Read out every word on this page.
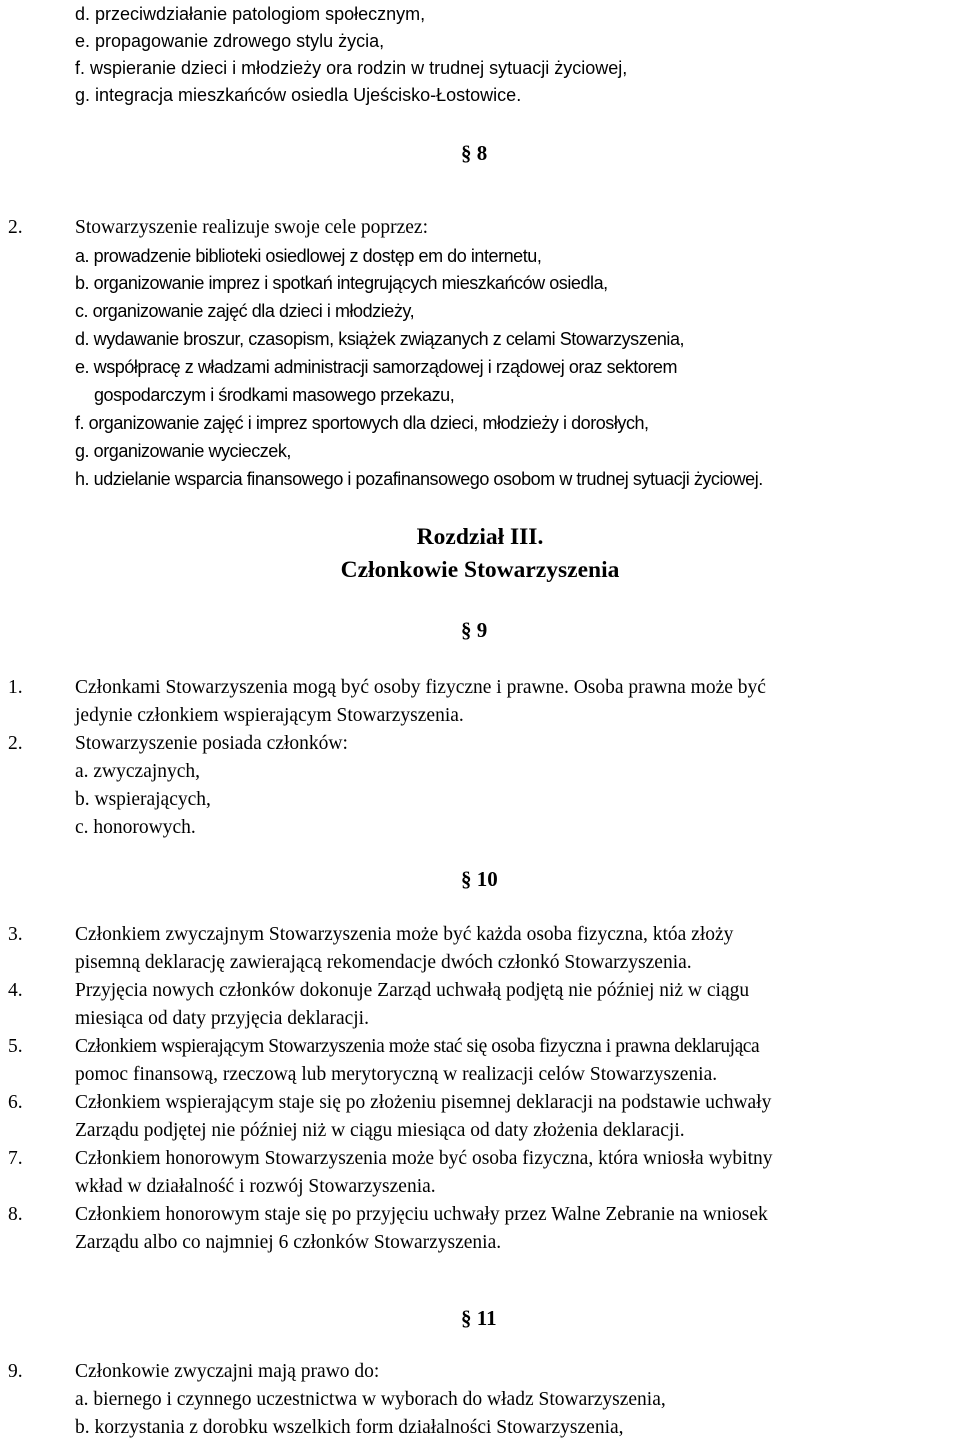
d. przeciwdziałanie patologiom społecznym,
e. propagowanie zdrowego stylu życia,
f. wspieranie dzieci i młodzieży ora rodzin w trudnej sytuacji życiowej,
g. integracja mieszkańców osiedla Ujeścisko-Łostowice.
§ 8
2.	Stowarzyszenie realizuje swoje cele poprzez:
a. prowadzenie biblioteki osiedlowej z dostęp em do internetu,
b. organizowanie imprez i spotkań integrujących mieszkańców osiedla,
c. organizowanie zajęć dla dzieci i młodzieży,
d. wydawanie broszur, czasopism, książek związanych z celami Stowarzyszenia,
e. współpracę z władzami administracji samorządowej i rządowej oraz sektorem
gospodarczym i środkami masowego przekazu,
f. organizowanie zajęć i imprez sportowych dla dzieci, młodzieży i dorosłych,
g. organizowanie wycieczek,
h. udzielanie wsparcia finansowego i pozafinansowego osobom w trudnej sytuacji życiowej.
Rozdział III.
Członkowie Stowarzyszenia
§ 9
1.	Członkami Stowarzyszenia mogą być osoby fizyczne i prawne. Osoba prawna może być
jedynie członkiem wspierającym Stowarzyszenia.
2.	Stowarzyszenie posiada członków:
a. zwyczajnych,
b. wspierających,
c. honorowych.
§ 10
3.	Członkiem zwyczajnym Stowarzyszenia może być każda osoba fizyczna, któa złoży
pisemną deklarację zawierającą rekomendacje dwóch członkó Stowarzyszenia.
4.	Przyjęcia nowych członków dokonuje Zarząd uchwałą podjętą nie później niż w ciągu
miesiąca od daty przyjęcia deklaracji.
5.	Członkiem wspierającym Stowarzyszenia może stać się osoba fizyczna i prawna deklarująca
pomoc finansową, rzeczową lub merytoryczną w realizacji celów Stowarzyszenia.
6.	Członkiem wspierającym staje się po złożeniu pisemnej deklaracji na podstawie uchwały
Zarządu podjętej nie później niż w ciągu miesiąca od daty złożenia deklaracji.
7.	Członkiem honorowym Stowarzyszenia może być osoba fizyczna, która wniosła wybitny
wkład w działalność i rozwój Stowarzyszenia.
8.	Członkiem honorowym staje się po przyjęciu uchwały przez Walne Zebranie na wniosek
Zarządu albo co najmniej 6 członków Stowarzyszenia.
§ 11
9.	Członkowie zwyczajni mają prawo do:
a. biernego i czynnego uczestnictwa w wyborach do władz Stowarzyszenia,
b. korzystania z dorobku wszelkich form działalności Stowarzyszenia,
